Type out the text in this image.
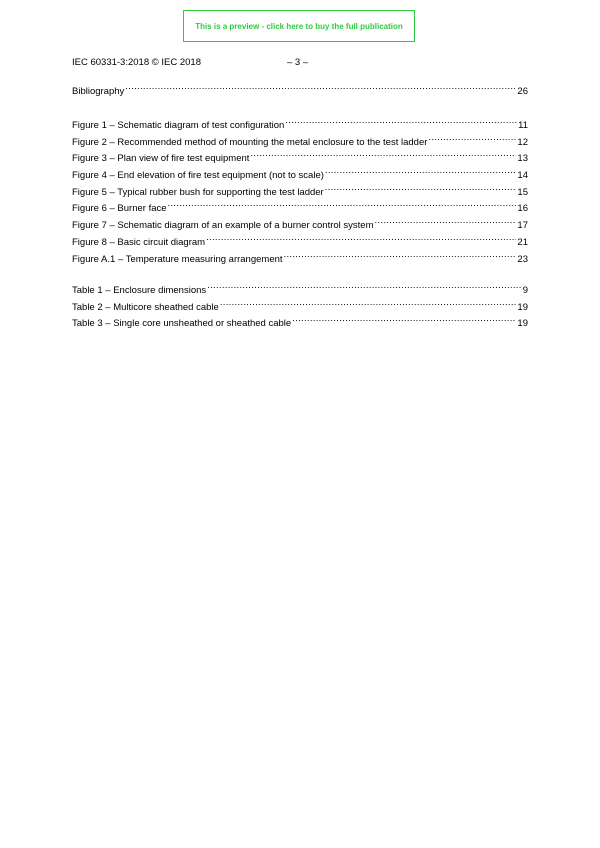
This is a preview - click here to buy the full publication
IEC 60331-3:2018 © IEC 2018	– 3 –
Bibliography .....	26
Figure 1 – Schematic diagram of test configuration .....	11
Figure 2 – Recommended method of mounting the metal enclosure to the test ladder .....	12
Figure 3 – Plan view of fire test equipment .....	13
Figure 4 – End elevation of fire test equipment (not to scale) .....	14
Figure 5 – Typical rubber bush for supporting the test ladder .....	15
Figure 6 – Burner face .....	16
Figure 7 – Schematic diagram of an example of a burner control system .....	17
Figure 8 – Basic circuit diagram .....	21
Figure A.1 – Temperature measuring arrangement .....	23
Table 1 – Enclosure dimensions .....	9
Table 2 – Multicore sheathed cable .....	19
Table 3 – Single core unsheathed or sheathed cable .....	19
